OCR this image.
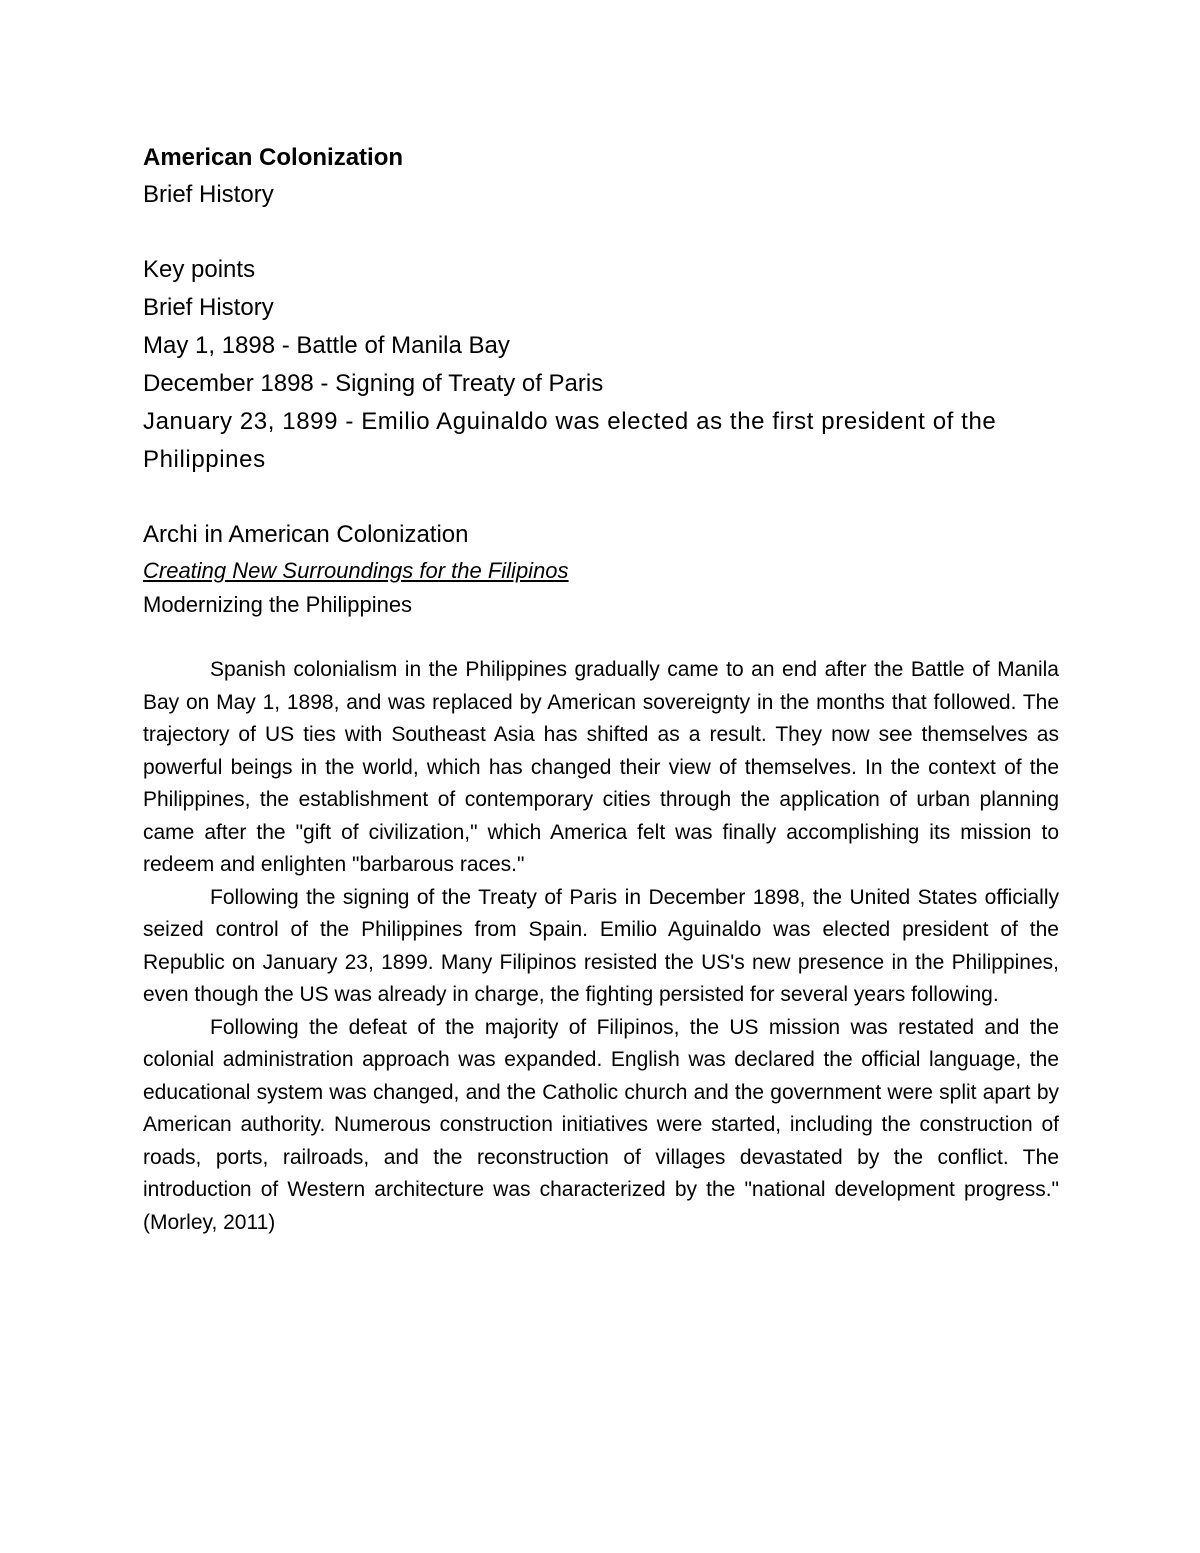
American Colonization

Brief History

Key points

Brief History

May 1, 1898 - Battle of Manila Bay

December 1898 - Signing of Treaty of Paris

January 23, 1899 - Emilio Aguinaldo was elected as the first president of the Philippines

Archi in American Colonization

Creating New Surroundings for the Filipinos

Modernizing the Philippines

Spanish colonialism in the Philippines gradually came to an end after the Battle of Manila Bay on May 1, 1898, and was replaced by American sovereignty in the months that followed. The trajectory of US ties with Southeast Asia has shifted as a result. They now see themselves as powerful beings in the world, which has changed their view of themselves. In the context of the Philippines, the establishment of contemporary cities through the application of urban planning came after the "gift of civilization," which America felt was finally accomplishing its mission to redeem and enlighten "barbarous races."

Following the signing of the Treaty of Paris in December 1898, the United States officially seized control of the Philippines from Spain. Emilio Aguinaldo was elected president of the Republic on January 23, 1899. Many Filipinos resisted the US's new presence in the Philippines, even though the US was already in charge, the fighting persisted for several years following.

Following the defeat of the majority of Filipinos, the US mission was restated and the colonial administration approach was expanded. English was declared the official language, the educational system was changed, and the Catholic church and the government were split apart by American authority. Numerous construction initiatives were started, including the construction of roads, ports, railroads, and the reconstruction of villages devastated by the conflict. The introduction of Western architecture was characterized by the "national development progress." (Morley, 2011)
